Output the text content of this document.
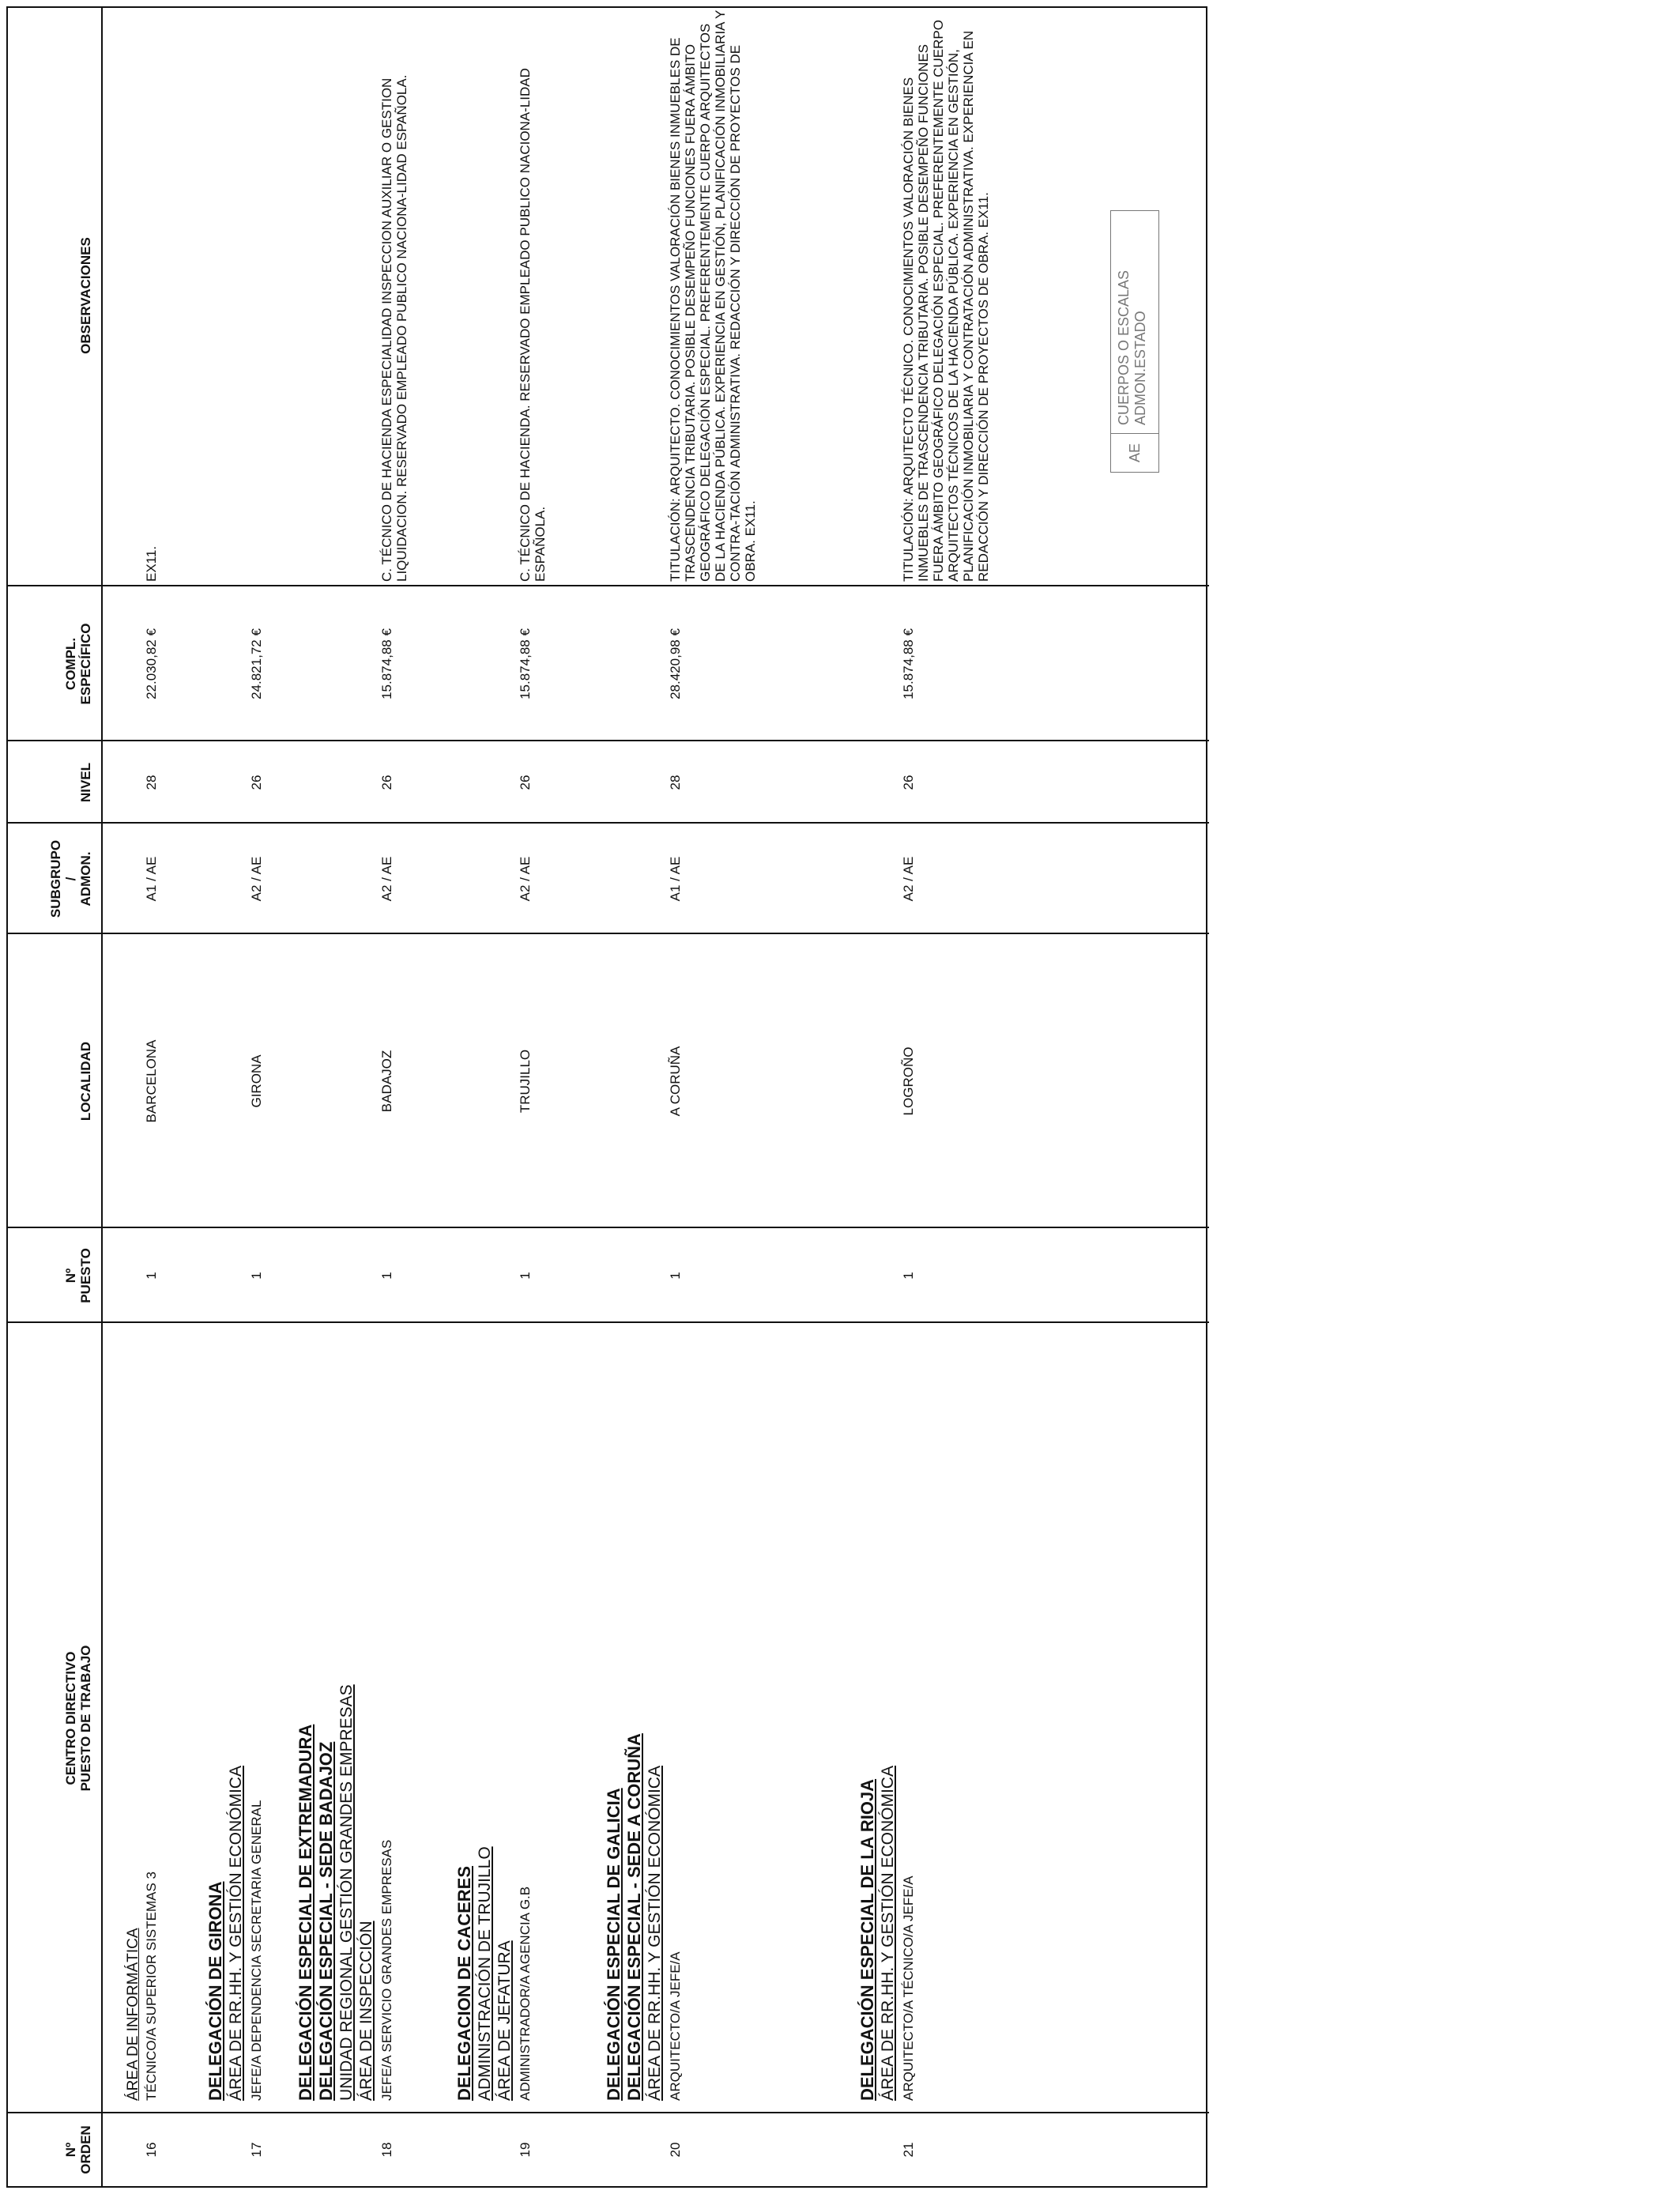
Nº ORDEN
CENTRO DIRECTIVO PUESTO DE TRABAJO
Nº PUESTO
LOCALIDAD
SUBGRUPO / ADMON.
NIVEL
COMPL. ESPECÍFICO
OBSERVACIONES
16
ÁREA DE INFORMÁTICA TÉCNICO/A SUPERIOR SISTEMAS 3
1
BARCELONA
A1 / AE
28
22.030,82 €
EX11.
17
DELEGACIÓN DE GIRONA ÁREA DE RR.HH. Y GESTIÓN ECONÓMICA JEFE/A DEPENDENCIA SECRETARIA GENERAL
1
GIRONA
A2 / AE
26
24.821,72 €
18
DELEGACIÓN ESPECIAL DE EXTREMADURA DELEGACIÓN ESPECIAL - SEDE BADAJOZ UNIDAD REGIONAL GESTIÓN GRANDES EMPRESAS ÁREA DE INSPECCIÓN JEFE/A SERVICIO GRANDES EMPRESAS
1
BADAJOZ
A2 / AE
26
15.874,88 €
C. TÉCNICO DE HACIENDA ESPECIALIDAD INSPECCION AUXILIAR O GESTION LIQUIDACION. RESERVADO EMPLEADO PUBLICO NACIONA-LIDAD ESPAÑOLA.
19
DELEGACION DE CACERES ADMINISTRACIÓN DE TRUJILLO ÁREA DE JEFATURA ADMINISTRADOR/A AGENCIA G.B
1
TRUJILLO
A2 / AE
26
15.874,88 €
C. TÉCNICO DE HACIENDA. RESERVADO EMPLEADO PUBLICO NACIONA-LIDAD ESPAÑOLA.
20
DELEGACIÓN ESPECIAL DE GALICIA DELEGACIÓN ESPECIAL - SEDE A CORUÑA ÁREA DE RR.HH. Y GESTIÓN ECONÓMICA ARQUITECTO/A JEFE/A
1
A CORUÑA
A1 / AE
28
28.420,98 €
TITULACIÓN: ARQUITECTO. CONOCIMIENTOS VALORACIÓN BIENES INMUEBLES DE TRASCENDENCIA TRIBUTARIA. POSIBLE DESEMPEÑO FUNCIONES FUERA ÁMBITO GEOGRÁFICO DELEGACIÓN ESPECIAL. PREFERENTEMENTE CUERPO ARQUITECTOS DE LA HACIENDA PÚBLICA. EXPERIENCIA EN GESTIÓN, PLANIFICACIÓN INMOBILIARIA Y CONTRA-TACIÓN ADMINISTRATIVA. REDACCIÓN Y DIRECCIÓN DE PROYECTOS DE OBRA. EX11.
21
DELEGACIÓN ESPECIAL DE LA RIOJA ÁREA DE RR.HH. Y GESTIÓN ECONÓMICA ARQUITECTO/A TÉCNICO/A JEFE/A
1
LOGROÑO
A2 / AE
26
15.874,88 €
TITULACIÓN: ARQUITECTO TÉCNICO. CONOCIMIENTOS VALORACIÓN BIENES INMUEBLES DE TRASCENDENCIA TRIBUTARIA. POSIBLE DESEMPEÑO FUNCIONES FUERA ÁMBITO GEOGRÁFICO DELEGACIÓN ESPECIAL. PREFERENTEMENTE CUERPO ARQUITECTOS TÉCNICOS DE LA HACIENDA PÚBLICA. EXPERIENCIA EN GESTIÓN, PLANIFICACIÓN INMOBILIARIA Y CONTRATACIÓN ADMINISTRATIVA. EXPERIENCIA EN REDACCIÓN Y DIRECCIÓN DE PROYECTOS DE OBRA. EX11.	AE
CUERPOS O ESCALAS ADMON.ESTADO
